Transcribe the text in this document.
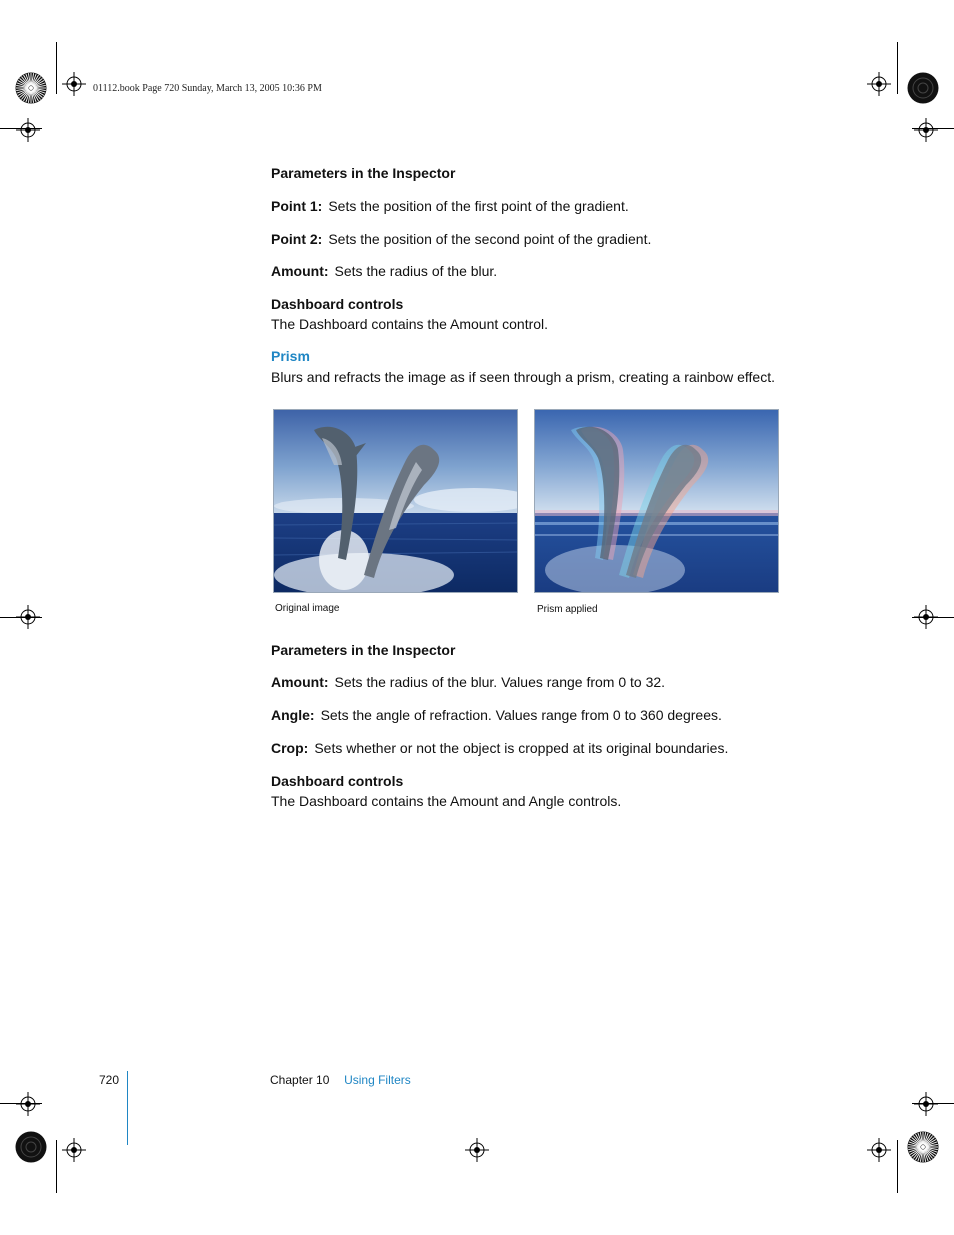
01112.book Page 720 Sunday, March 13, 2005 10:36 PM
Parameters in the Inspector
Point 1: Sets the position of the first point of the gradient.
Point 2: Sets the position of the second point of the gradient.
Amount: Sets the radius of the blur.
Dashboard controls
The Dashboard contains the Amount control.
Prism
Blurs and refracts the image as if seen through a prism, creating a rainbow effect.
Original image	Prism applied
Parameters in the Inspector
Amount: Sets the radius of the blur. Values range from 0 to 32.
Angle: Sets the angle of refraction. Values range from 0 to 360 degrees.
Crop: Sets whether or not the object is cropped at its original boundaries.
Dashboard controls
The Dashboard contains the Amount and Angle controls.
720	Chapter 10 Using Filters
